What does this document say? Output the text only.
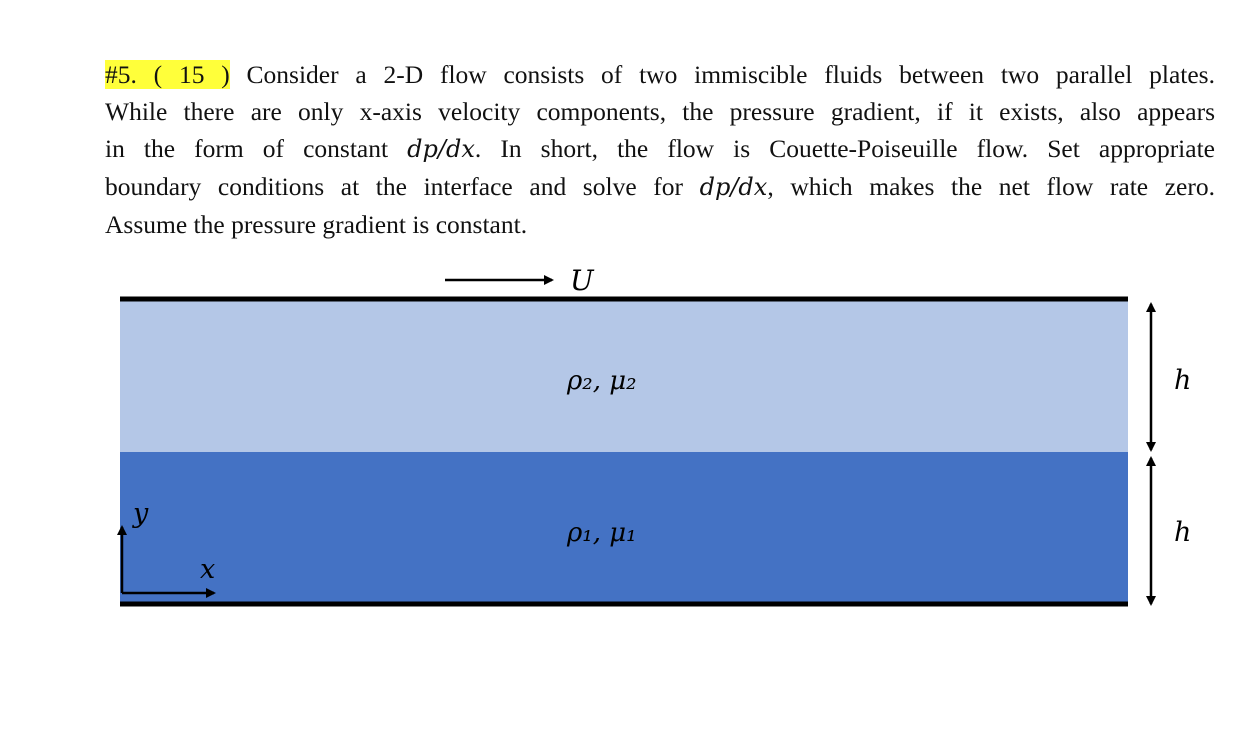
#5. ( 15 ) Consider a 2-D flow consists of two immiscible fluids between two parallel plates.
While there are only x-axis velocity components, the pressure gradient, if it exists, also appears
in the form of constant dp/dx. In short, the flow is Couette-Poiseuille flow. Set appropriate
boundary conditions at the interface and solve for dp/dx, which makes the net flow rate zero.
Assume the pressure gradient is constant.
U
ρ₂, μ₂
ρ₁, μ₁
h
h
y
x
